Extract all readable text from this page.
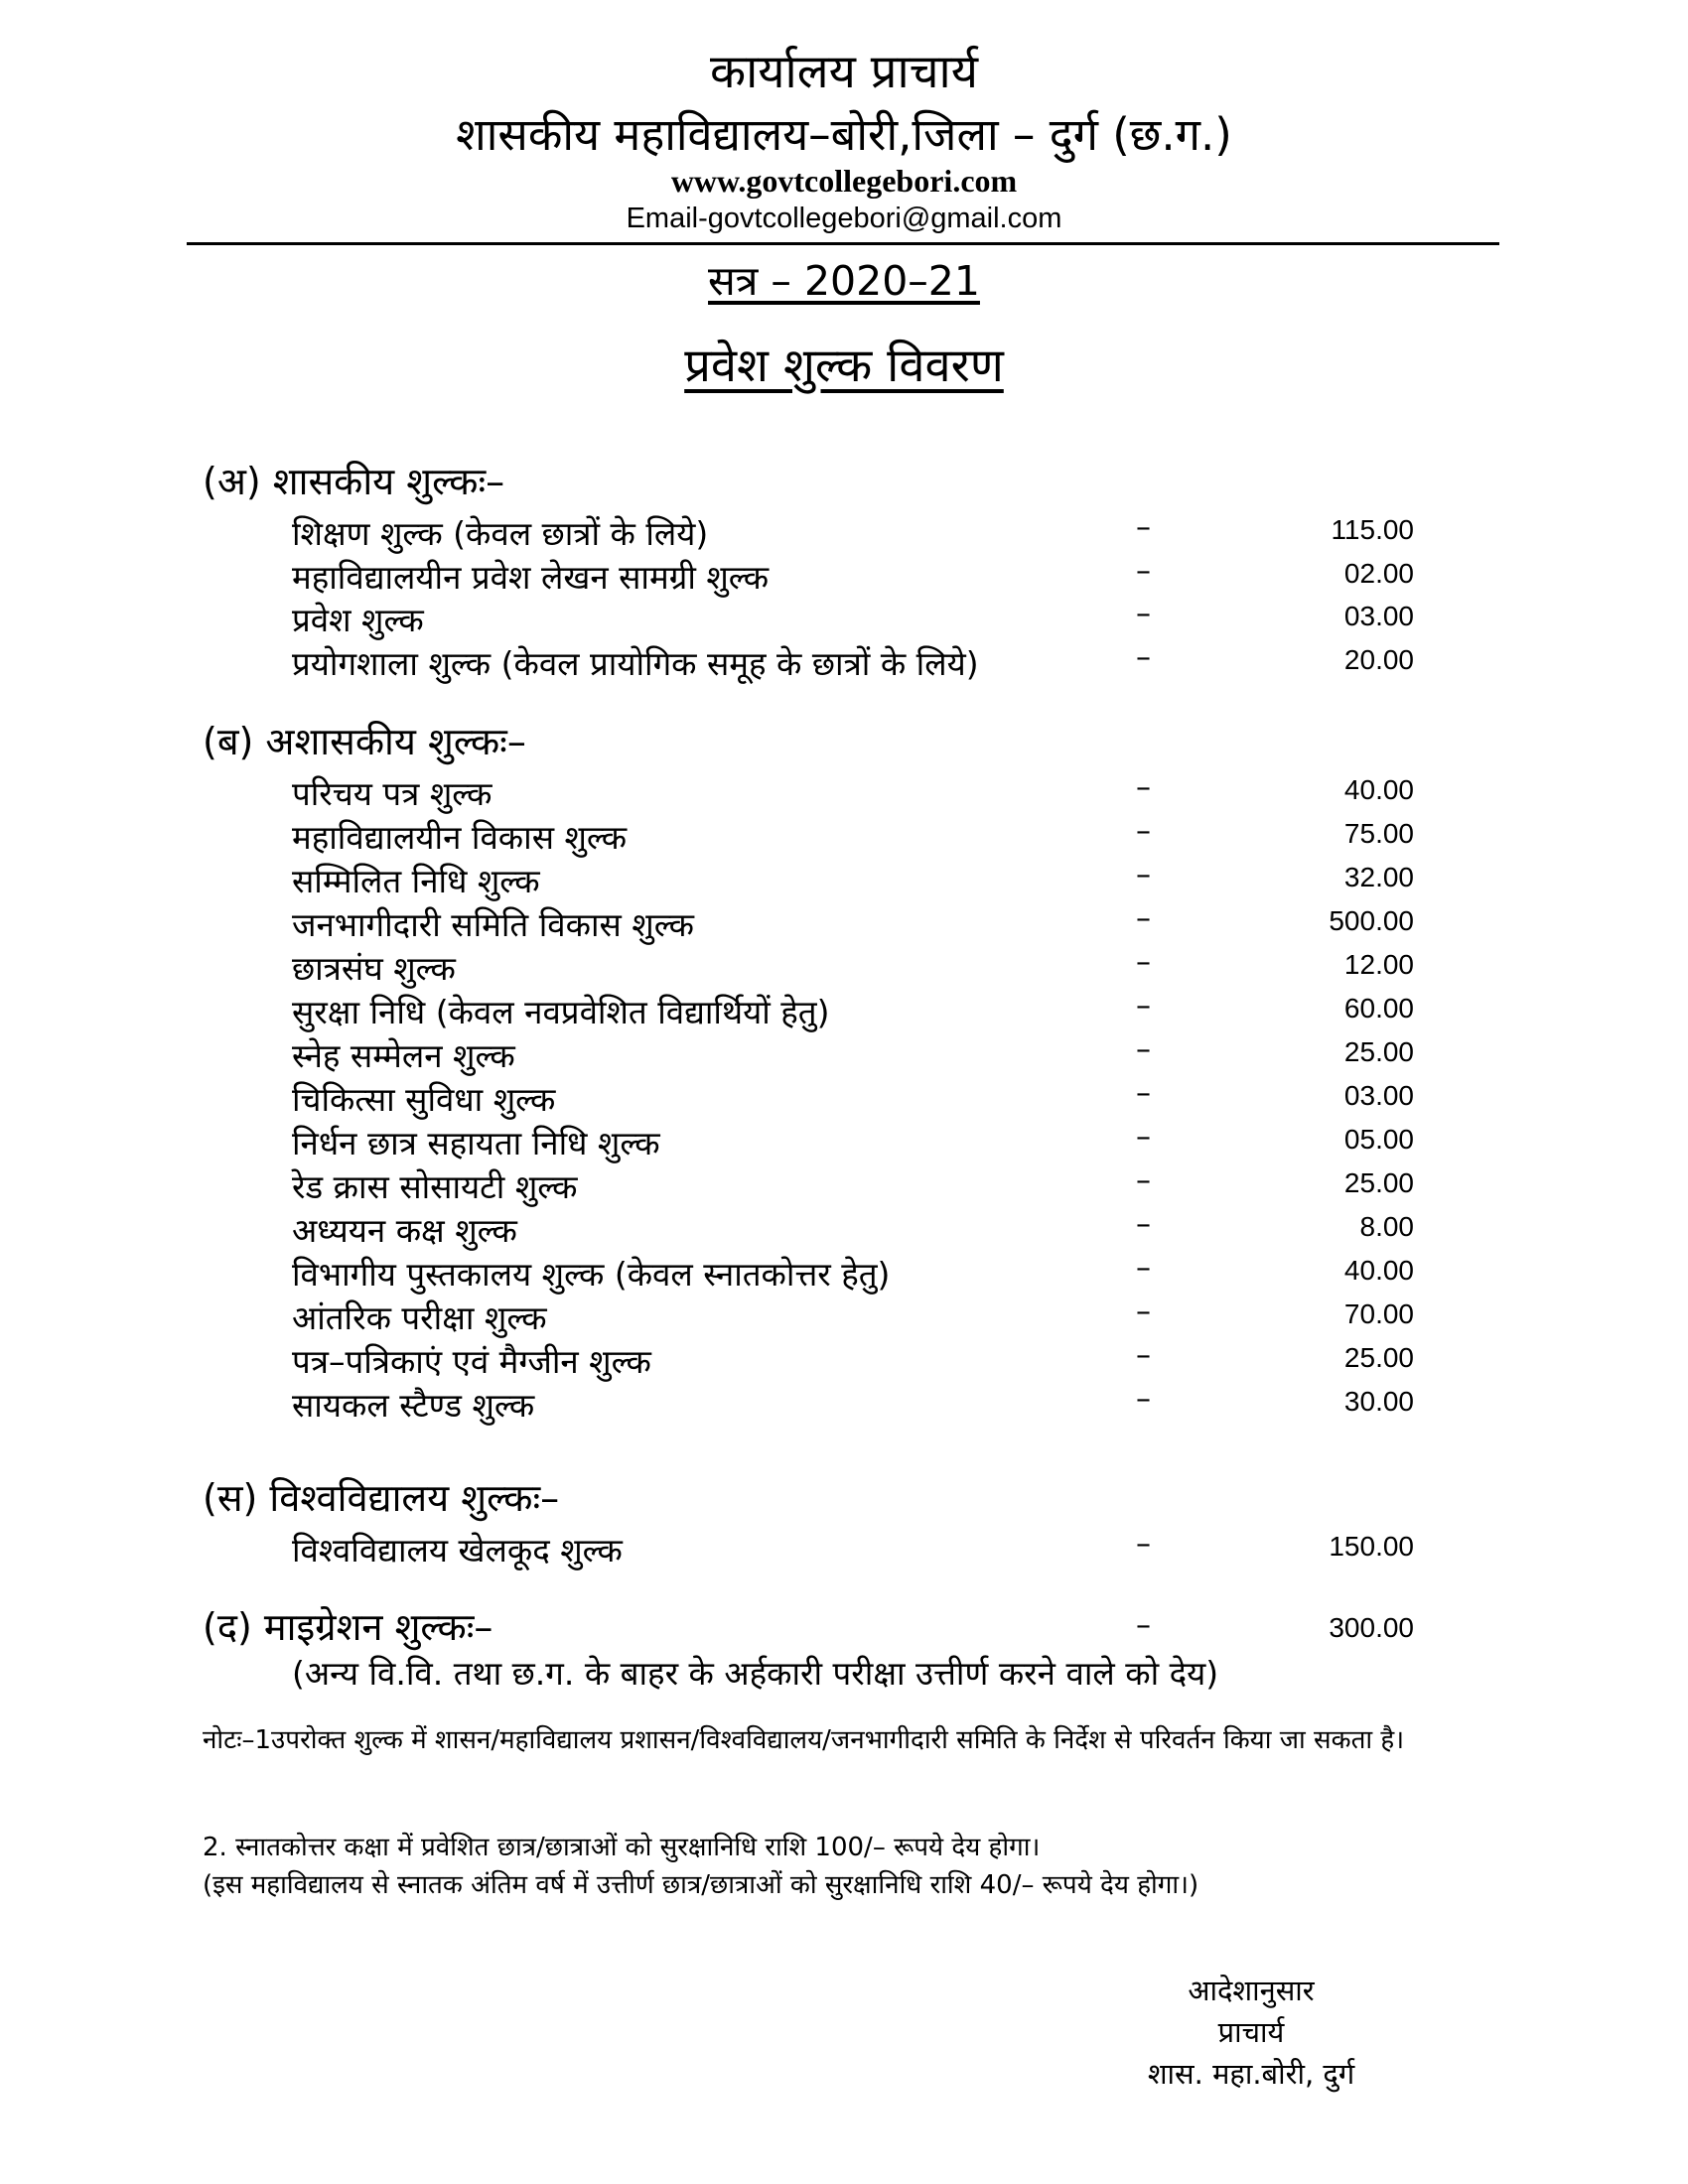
कार्यालय प्राचार्य
शासकीय महाविद्यालय–बोरी,जिला – दुर्ग (छ.ग.)
www.govtcollegebori.com
Email-govtcollegebori@gmail.com
सत्र – 2020–21
प्रवेश शुल्क विवरण
(अ) शासकीय शुल्कः–
शिक्षण शुल्क (केवल छात्रों के लिये)	–	115.00
महाविद्यालयीन प्रवेश लेखन सामग्री शुल्क	–	02.00
प्रवेश शुल्क	–	03.00
प्रयोगशाला शुल्क (केवल प्रायोगिक समूह के छात्रों के लिये)	–	20.00
(ब) अशासकीय शुल्कः–
परिचय पत्र शुल्क	–	40.00
महाविद्यालयीन विकास शुल्क	–	75.00
सम्मिलित निधि शुल्क	–	32.00
जनभागीदारी समिति विकास शुल्क	–	500.00
छात्रसंघ शुल्क	–	12.00
सुरक्षा निधि (केवल नवप्रवेशित विद्यार्थियों हेतु)	–	60.00
स्नेह सम्मेलन शुल्क	–	25.00
चिकित्सा सुविधा शुल्क	–	03.00
निर्धन छात्र सहायता निधि शुल्क	–	05.00
रेड क्रास सोसायटी शुल्क	–	25.00
अध्ययन कक्ष शुल्क	–	8.00
विभागीय पुस्तकालय शुल्क (केवल स्नातकोत्तर हेतु)	–	40.00
आंतरिक परीक्षा शुल्क	–	70.00
पत्र–पत्रिकाएं एवं मैग्जीन शुल्क	–	25.00
सायकल स्टैण्ड शुल्क	–	30.00
(स) विश्वविद्यालय शुल्कः–
विश्वविद्यालय खेलकूद शुल्क	–	150.00
(द) माइग्रेशन शुल्कः–	–	300.00
(अन्य वि.वि. तथा छ.ग. के बाहर के अर्हकारी परीक्षा उत्तीर्ण करने वाले को देय)
नोटः–1उपरोक्त शुल्क में शासन/महाविद्यालय प्रशासन/विश्वविद्यालय/जनभागीदारी समिति के निर्देश से परिवर्तन किया जा सकता है।
2. स्नातकोत्तर कक्षा में प्रवेशित छात्र/छात्राओं को सुरक्षानिधि राशि 100/– रूपये देय होगा।
(इस महाविद्यालय से स्नातक अंतिम वर्ष में उत्तीर्ण छात्र/छात्राओं को सुरक्षानिधि राशि 40/– रूपये देय होगा।)
आदेशानुसार
प्राचार्य
शास. महा.बोरी, दुर्ग
